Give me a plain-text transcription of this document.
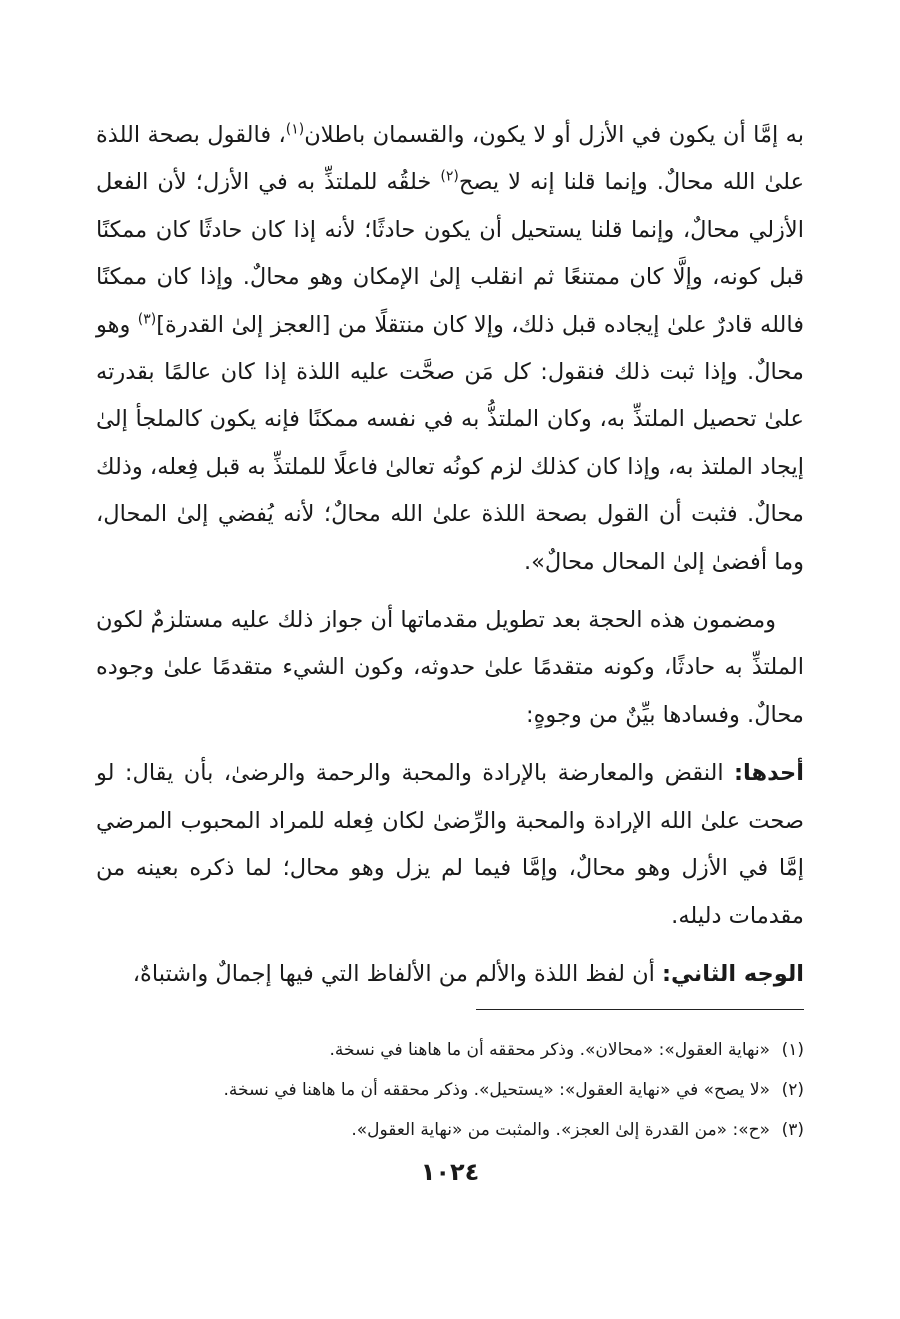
به إمَّا أن يكون في الأزل أو لا يكون، والقسمان باطلان$^{(١)}$، فالقول بصحة اللذة علىٰ الله محالٌ. وإنما قلنا إنه لا يصح$^{(٢)}$ خلقُه للملتذِّ به في الأزل؛ لأن الفعل الأزلي محالٌ، وإنما قلنا يستحيل أن يكون حادثًا؛ لأنه إذا كان حادثًا كان ممكنًا قبل كونه، وإلَّا كان ممتنعًا ثم انقلب إلىٰ الإمكان وهو محالٌ. وإذا كان ممكنًا فالله قادرٌ علىٰ إيجاده قبل ذلك، وإلا كان منتقلًا من [العجز إلىٰ القدرة]$^{(٣)}$ وهو محالٌ. وإذا ثبت ذلك فنقول: كل مَن صحَّت عليه اللذة إذا كان عالمًا بقدرته علىٰ تحصيل الملتذِّ به، وكان الملتذُّ به في نفسه ممكنًا فإنه يكون كالملجأ إلىٰ إيجاد الملتذ به، وإذا كان كذلك لزم كونُه تعالىٰ فاعلًا للملتذِّ به قبل فِعله، وذلك محالٌ. فثبت أن القول بصحة اللذة علىٰ الله محالٌ؛ لأنه يُفضي إلىٰ المحال، وما أفضىٰ إلىٰ المحال محالٌ».

ومضمون هذه الحجة بعد تطويل مقدماتها أن جواز ذلك عليه مستلزمٌ لكون الملتذِّ به حادثًا، وكونه متقدمًا علىٰ حدوثه، وكون الشيء متقدمًا علىٰ وجوده محالٌ. وفسادها بيِّنٌ من وجوهٍ:

أحدها: النقض والمعارضة بالإرادة والمحبة والرحمة والرضىٰ، بأن يقال: لو صحت علىٰ الله الإرادة والمحبة والرِّضىٰ لكان فِعله للمراد المحبوب المرضي إمَّا في الأزل وهو محالٌ، وإمَّا فيما لم يزل وهو محال؛ لما ذكره بعينه من مقدمات دليله.

الوجه الثاني: أن لفظ اللذة والألم من الألفاظ التي فيها إجمالٌ واشتباهٌ،

(١)«نهاية العقول»: «محالان». وذكر محققه أن ما هاهنا في نسخة.

(٢)«لا يصح» في «نهاية العقول»: «يستحيل». وذكر محققه أن ما هاهنا في نسخة.

(٣)«ح»: «من القدرة إلىٰ العجز». والمثبت من «نهاية العقول».

١٠٢٤
